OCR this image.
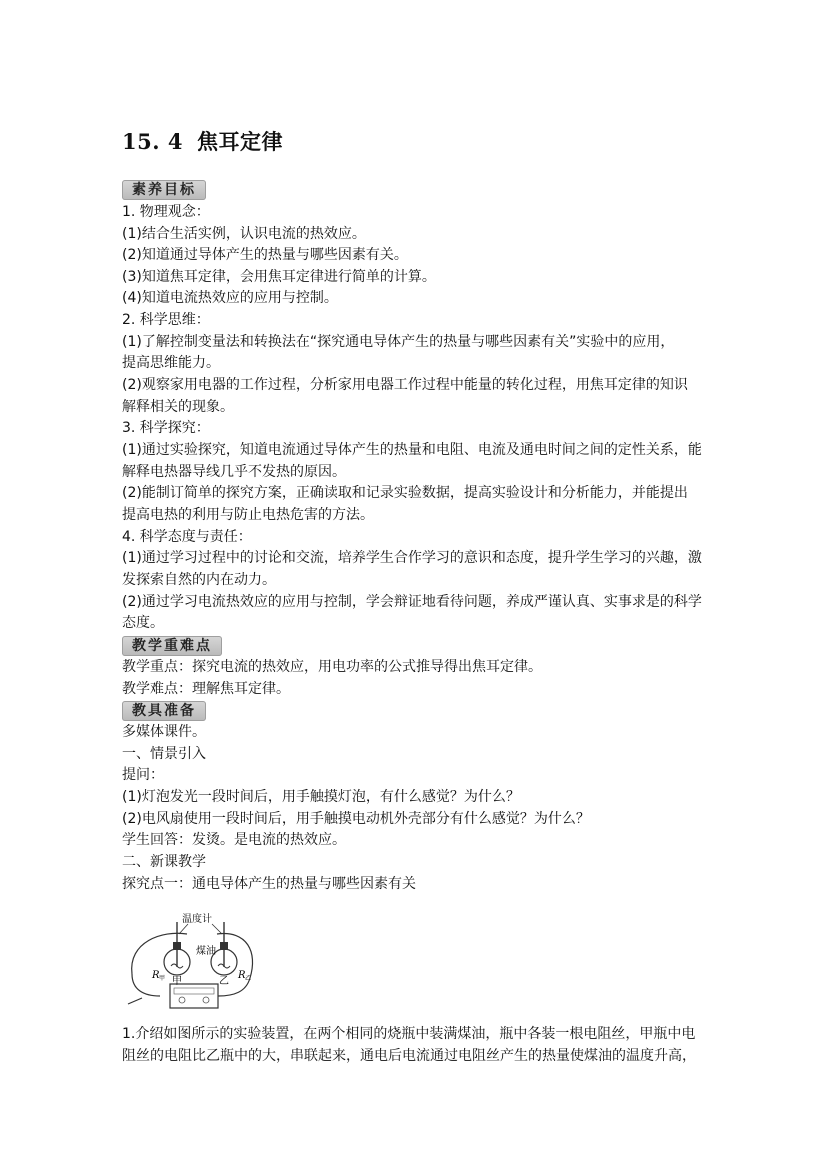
15. 4 焦耳定律
素养目标
1. 物理观念：
(1)结合生活实例，认识电流的热效应。
(2)知道通过导体产生的热量与哪些因素有关。
(3)知道焦耳定律，会用焦耳定律进行简单的计算。
(4)知道电流热效应的应用与控制。
2. 科学思维：
(1)了解控制变量法和转换法在“探究通电导体产生的热量与哪些因素有关”实验中的应用，
提高思维能力。
(2)观察家用电器的工作过程，分析家用电器工作过程中能量的转化过程，用焦耳定律的知识
解释相关的现象。
3. 科学探究：
(1)通过实验探究，知道电流通过导体产生的热量和电阻、电流及通电时间之间的定性关系，能
解释电热器导线几乎不发热的原因。
(2)能制订简单的探究方案，正确读取和记录实验数据，提高实验设计和分析能力，并能提出
提高电热的利用与防止电热危害的方法。
4. 科学态度与责任：
(1)通过学习过程中的讨论和交流，培养学生合作学习的意识和态度，提升学生学习的兴趣，激
发探索自然的内在动力。
(2)通过学习电流热效应的应用与控制，学会辩证地看待问题，养成严谨认真、实事求是的科学
态度。
教学重难点
教学重点：探究电流的热效应，用电功率的公式推导得出焦耳定律。
教学难点：理解焦耳定律。
教具准备
多媒体课件。
一、情景引入
提问：
(1)灯泡发光一段时间后，用手触摸灯泡，有什么感觉？为什么？
(2)电风扇使用一段时间后，用手触摸电动机外壳部分有什么感觉？为什么？
学生回答：发烫。是电流的热效应。
二、新课教学
探究点一：通电导体产生的热量与哪些因素有关
温度计
煤油
甲	乙
R 甲	R 乙
1.介绍如图所示的实验装置，在两个相同的烧瓶中装满煤油，瓶中各装一根电阻丝，甲瓶中电
阻丝的电阻比乙瓶中的大，串联起来，通电后电流通过电阻丝产生的热量使煤油的温度升高，
